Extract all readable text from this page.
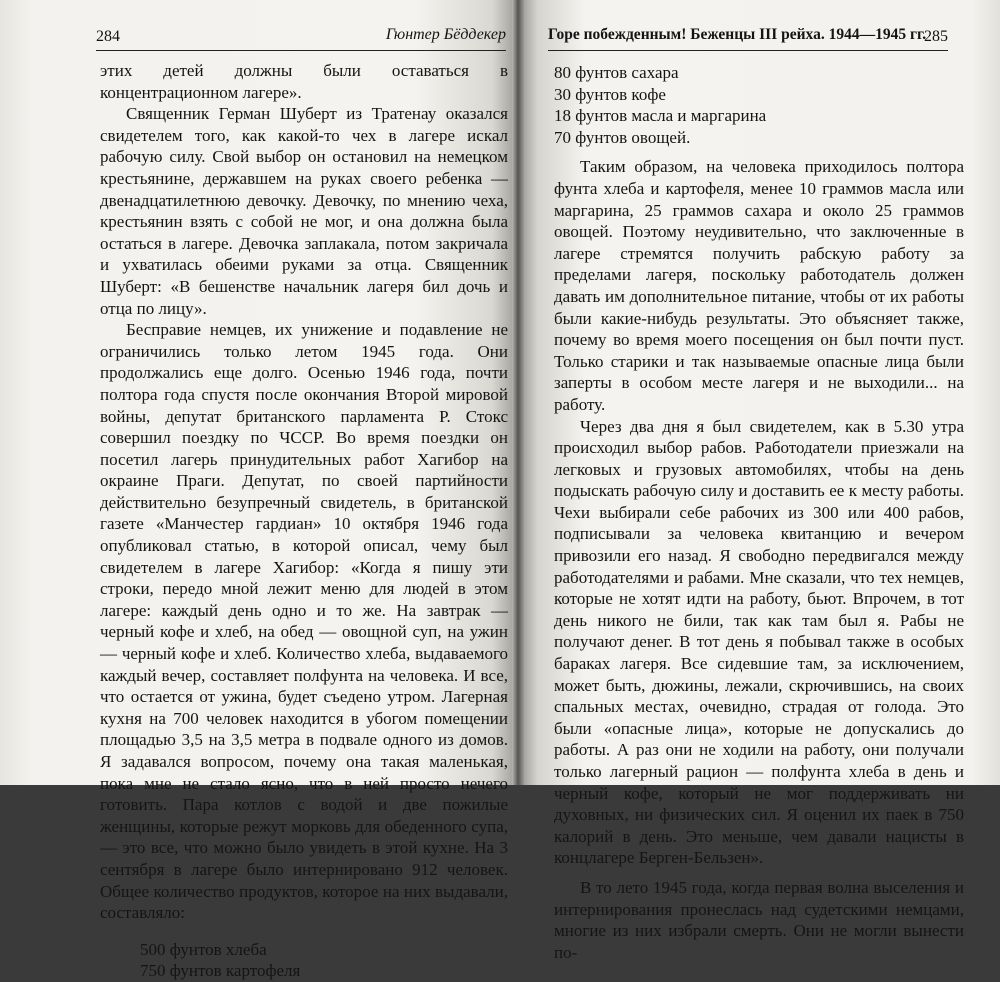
284	Гюнтер Бёддекер

этих детей должны были оставаться в концентрационном лагере».

Священник Герман Шуберт из Тратенау оказался свидетелем того, как какой-то чех в лагере искал рабочую силу. Свой выбор он остановил на немецком крестьянине, державшем на руках своего ребенка — двенадцатилетнюю девочку. Девочку, по мнению чеха, крестьянин взять с собой не мог, и она должна была остаться в лагере. Девочка заплакала, потом закричала и ухватилась обеими руками за отца. Священник Шуберт: «В бешенстве начальник лагеря бил дочь и отца по лицу».

Бесправие немцев, их унижение и подавление не ограничились только летом 1945 года. Они продолжались еще долго. Осенью 1946 года, почти полтора года спустя после окончания Второй мировой войны, депутат британского парламента Р. Стокс совершил поездку по ЧССР. Во время поездки он посетил лагерь принудительных работ Хагибор на окраине Праги. Депутат, по своей партийности действительно безупречный свидетель, в британской газете «Манчестер гардиан» 10 октября 1946 года опубликовал статью, в которой описал, чему был свидетелем в лагере Хагибор: «Когда я пишу эти строки, передо мной лежит меню для людей в этом лагере: каждый день одно и то же. На завтрак — черный кофе и хлеб, на обед — овощной суп, на ужин — черный кофе и хлеб. Количество хлеба, выдаваемого каждый вечер, составляет полфунта на человека. И все, что остается от ужина, будет съедено утром. Лагерная кухня на 700 человек находится в убогом помещении площадью 3,5 на 3,5 метра в подвале одного из домов. Я задавался вопросом, почему она такая маленькая, пока мне не стало ясно, что в ней просто нечего готовить. Пара котлов с водой и две пожилые женщины, которые режут морковь для обеденного супа, — это все, что можно было увидеть в этой кухне. На 3 сентября в лагере было интернировано 912 человек. Общее количество продуктов, которое на них выдавали, составляло:

500 фунтов хлеба
750 фунтов картофеля
Горе побежденным! Беженцы III рейха. 1944—1945 гг.
285
80 фунтов сахара
30 фунтов кофе
18 фунтов масла и маргарина
70 фунтов овощей.

Таким образом, на человека приходилось полтора фунта хлеба и картофеля, менее 10 граммов масла или маргарина, 25 граммов сахара и около 25 граммов овощей. Поэтому неудивительно, что заключенные в лагере стремятся получить рабскую работу за пределами лагеря, поскольку работодатель должен давать им дополнительное питание, чтобы от их работы были какие-нибудь результаты. Это объясняет также, почему во время моего посещения он был почти пуст. Только старики и так называемые опасные лица были заперты в особом месте лагеря и не выходили... на работу.

Через два дня я был свидетелем, как в 5.30 утра происходил выбор рабов. Работодатели приезжали на легковых и грузовых автомобилях, чтобы на день подыскать рабочую силу и доставить ее к месту работы. Чехи выбирали себе рабочих из 300 или 400 рабов, подписывали за человека квитанцию и вечером привозили его назад. Я свободно передвигался между работодателями и рабами. Мне сказали, что тех немцев, которые не хотят идти на работу, бьют. Впрочем, в тот день никого не били, так как там был я. Рабы не получают денег. В тот день я побывал также в особых бараках лагеря. Все сидевшие там, за исключением, может быть, дюжины, лежали, скрючившись, на своих спальных местах, очевидно, страдая от голода. Это были «опасные лица», которые не допускались до работы. А раз они не ходили на работу, они получали только лагерный рацион — полфунта хлеба в день и черный кофе, который не мог поддерживать ни духовных, ни физических сил. Я оценил их паек в 750 калорий в день. Это меньше, чем давали нацисты в концлагере Берген-Бельзен».

В то лето 1945 года, когда первая волна выселения и интернирования пронеслась над судетскими немцами, многие из них избрали смерть. Они не могли вынести по-
